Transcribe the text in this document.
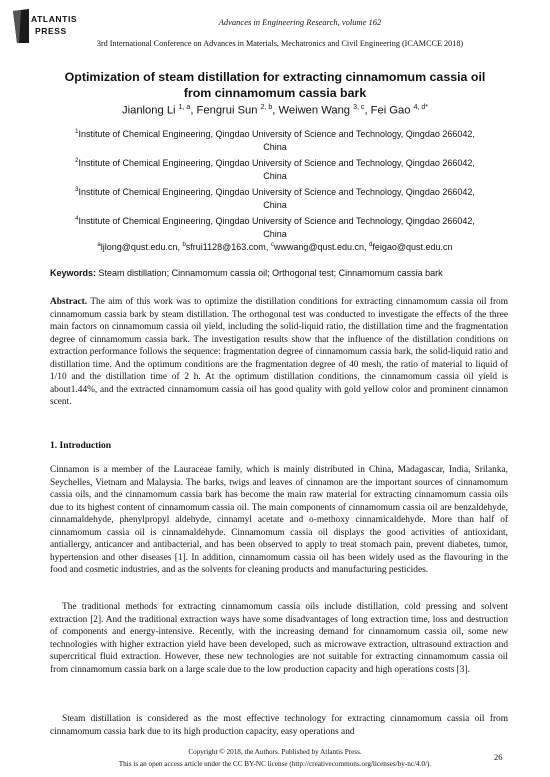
ATLANTIS
PRESS
Advances in Engineering Research, volume 162
3rd International Conference on Advances in Materials, Mechatronics and Civil Engineering (ICAMCCE 2018)
Optimization of steam distillation for extracting cinnamomum cassia oil
from cinnamomum cassia bark
Jianlong Li $^{1, a}$, Fengrui Sun $^{2, b}$, Weiwen Wang $^{3, c}$, Fei Gao $^{4, d*}$
$^1$Institute of Chemical Engineering, Qingdao University of Science and Technology, Qingdao 266042,
China
$^2$Institute of Chemical Engineering, Qingdao University of Science and Technology, Qingdao 266042,
China
$^3$Institute of Chemical Engineering, Qingdao University of Science and Technology, Qingdao 266042,
China
$^4$Institute of Chemical Engineering, Qingdao University of Science and Technology, Qingdao 266042,
China
$^a$ljlong@qust.edu.cn, $^b$sfrui1128@163.com, $^c$wwwang@qust.edu.cn, $^d$feigao@qust.edu.cn
Keywords: Steam distillation; Cinnamomum cassia oil; Orthogonal test; Cinnamomum cassia bark
Abstract. The aim of this work was to optimize the distillation conditions for extracting cinnamomum cassia oil from cinnamomum cassia bark by steam distillation. The orthogonal test was conducted to investigate the effects of the three main factors on cinnamomum cassia oil yield, including the solid-liquid ratio, the distillation time and the fragmentation degree of cinnamomum cassia bark. The investigation results show that the influence of the distillation conditions on extraction performance follows the sequence: fragmentation degree of cinnamomum cassia bark, the solid-liquid ratio and distillation time. And the optimum conditions are the fragmentation degree of 40 mesh, the ratio of material to liquid of 1/10 and the distillation time of 2 h. At the optimum distillation conditions, the cinnamomum cassia oil yield is about1.44%, and the extracted cinnamomum cassia oil has good quality with gold yellow color and prominent cinnamon scent.
1. Introduction
Cinnamon is a member of the Lauraceae family, which is mainly distributed in China, Madagascar, India, Srilanka, Seychelles, Vietnam and Malaysia. The barks, twigs and leaves of cinnamon are the important sources of cinnamomum cassia oils, and the cinnamomum cassia bark has become the main raw material for extracting cinnamomum cassia oils due to its highest content of cinnamomum cassia oil. The main components of cinnamomum cassia oil are benzaldehyde, cinnamaldehyde, phenylpropyl aldehyde, cinnamyl acetate and o-methoxy cinnamicaldehyde. More than half of cinnamomum cassia oil is cinnamaldehyde. Cinnamomum cassia oil displays the good activities of antioxidant, antiallergy, anticancer and antibacterial, and has been observed to apply to treat stomach pain, prevent diabetes, tumor, hypertension and other diseases [1]. In addition, cinnamomum cassia oil has been widely used as the flavouring in the food and cosmetic industries, and as the solvents for cleaning products and manufacturing pesticides.
The traditional methods for extracting cinnamomum cassia oils include distillation, cold pressing and solvent extraction [2]. And the traditional extraction ways have some disadvantages of long extraction time, loss and destruction of components and energy-intensive. Recently, with the increasing demand for cinnamomum cassia oil, some new technologies with higher extraction yield have been developed, such as microwave extraction, ultrasound extraction and supercritical fluid extraction. However, these new technologies are not suitable for extracting cinnamomum cassia oil from cinnamomum cassia bark on a large scale due to the low production capacity and high operations costs [3].
Steam distillation is considered as the most effective technology for extracting cinnamomum cassia oil from cinnamomum cassia bark due to its high production capacity, easy operations and
Copyright © 2018, the Authors. Published by Atlantis Press.
This is an open access article under the CC BY-NC license (http://creativecommons.org/licenses/by-nc/4.0/).
26
